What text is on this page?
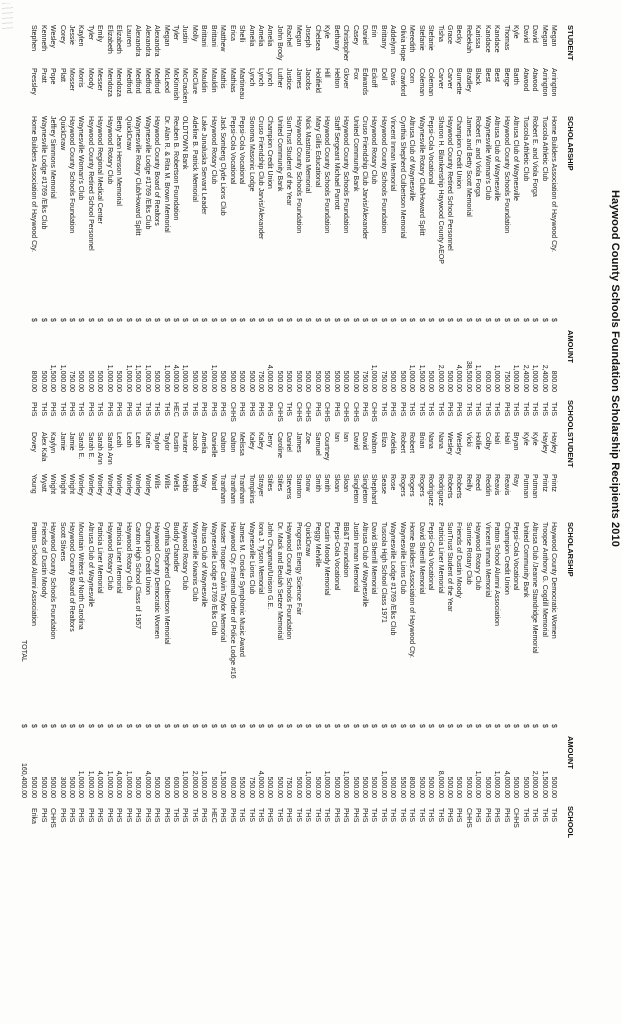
Haywood County Schools Foundation Scholarship Recipients 2010
STUDENT
SCHOLARSHIP
AMOUNT
SCHOOL
STUDENT
SCHOLARSHIP
AMOUNT
SCHOOL
Megan
Arrington
Home Builders Association of Haywood Cty.
$
800.00
THS
Hayley
Printz
Haywood County Democratic Women
$
500.00
THS
Megan
Arrington
Tuscola Athletic Club
$
2,400.00
THS
Hayley
Printz
Trooper Anthony G. Cogdill Memorial
$
1,500.00
THS
David
Atwood
Robert E. and Viola Forga
$
1,000.00
THS
Kyle
Putman
Altrusa Club /Jeanne Standridge Memorial
$
2,000.00
THS
David
Atwood
Tuscola Athletic Club
$
2,400.00
THS
Kyle
Putman
United Community Bank
$
500.00
THS
Kyle
Barth
Altrusa Club of Waynesville
$
1,000.00
THS
Bryan
Ray
Pepsi-Cola Vocational
$
500.00
CHHS
Thomas
Berge
Haywood County Schools Foundation
$
750.00
PHS
Hali
Reavis
Champion Credit Union
$
4,000.00
PHS
Kandace
Best
Altrusa Club of Waynesville
$
1,000.00
THS
Hali
Reavis
Patton School Alumni Association
$
1,000.00
PHS
Kandace
Best
Waynesville Woman's Club
$
600.00
THS
Colby
Reddin
Vincent Inman Memorial
$
500.00
PHS
Karissa
Black
Robert E. and Viola Forga
$
1,000.00
THS
Hollie
Reed
Haywood Rotary Club
$
1,000.00
PHS
Rebekah
Bradley
James and Betty Scott Memorial
$
38,500.00
THS
Vicki
Reilly
Sunrise Rotary Club
$
500.00
CHHS
Becky
Burnette
Champion Credit Union
$
4,000.00
PHS
Wesley
Roberts
Friends of Dustin Moody
$
500.00
PHS
Grace
Carver
Haywood County Retired School Personnel
$
500.00
PHS
Wesley
Roberts
SunTrust Student of the Year
$
500.00
PHS
Tisha
Carver
Sharon H. Blankenship Haywood County AEOP
$
2,000.00
THS
Nana
Rodriguez
Patricia Liner Memorial
$
8,000.00
THS
Stefanie
Coleman
Pepsi-Cola Vocational
$
500.00
THS
Nana
Rodriguez
Pepsi-Cola Vocational
$
500.00
THS
Stefanie
Coleman
Waynesville Rotary Club/Howard Splitt
$
1,500.00
THS
Brian
Rogers
David Sherrill Memorial
$
500.00
THS
Meredith
Corn
Altrusa Club of Waynesville
$
1,000.00
THS
Robert
Rogers
Home Builders Association of Haywood Cty.
$
800.00
THS
Olivia Hope
Crawford
Cynthia Shepherd Culbertson Memorial
$
500.00
PHS
Robert
Rogers
Waynesville Lions Club
$
550.00
THS
Addelynn
Davis
Vincent Inman Memorial
$
500.00
PHS
Ardelia
Rose
Waynesville Lodge #1769 /Elks Club
$
500.00
THS
Brittany
Doll
Haywood County Schools Foundation
$
750.00
THS
Eliza
Sease
Tuscola High School Class 1971
$
1,000.00
THS
Erin
Eckoff
Haywood Rotary Club
$
1,000.00
CHHS
Walton
Shephard
David Sherrill Memorial
$
500.00
THS
Daniel
Edwards
Cruso Friendship Club Jarvis/Alexander
$
750.00
PHS
David
Singleton
Altrusa Club of Waynesville
$
500.00
PHS
Casey
Fox
United Community Bank
$
500.00
CHHS
David
Singleton
Justin Inman Memorial
$
500.00
PHS
Christopher
Glover
Haywood County Schools Foundation
$
500.00
CHHS
Ian
Sloan
BB&T Foundation
$
1,000.00
PHS
Bethany
Helton
Staff Sergeant Michael Parrott
$
500.00
PHS
Ian
Sloan
Pepsi-Cola Vocational
$
500.00
PHS
Kyle
Hill
Haywood County Schools Foundation
$
500.00
CHHS
Courtney
Smith
Dustin Moody Memorial
$
1,000.00
THS
Chelsea
Holifield
Mary Gillis Educational
$
500.00
PHS
Samuel
Smith
Peggy Melville
$
500.00
THS
Joseph
Jacobs
Nick Mastriana Memorial
$
500.00
CHHS
Zoe
Snow
QuickDraw
$
1,000.00
THS
Megan
James
Haywood County Schools Foundation
$
500.00
CHHS
James
Stanton
Progress Energy Science Fair
$
500.00
THS
Rachel
Justice
SunTrust Student of the Year
$
500.00
THS
Daniel
Stevens
Haywood County Schools Foundation
$
750.00
PHS
John Brody
Luther
United Community Bank
$
500.00
CHHS
Caroline
Stiles
Dr. Mack and Beulah Setzer Memorial
$
500.00
THS
Amelia
Lynch
Champion Credit Union
$
4,000.00
PHS
Jerry
Stiles
John Chapman/Unison G.E.
$
500.00
PHS
Amelia
Lynch
Cruso Friendship Club Jarvis/Alexander
$
750.00
PHS
Kaley
Strayer
Iona J. Tyson Memorial
$
4,000.00
THS
Amelia
Lynch
Sonoma Masonic Lodge
$
500.00
PHS
Kaley
Tompkins
Waynesville Lions Club
$
750.00
THS
Shelli
Martineau
Pepsi-Cola Vocational
$
500.00
PHS
Melissa
Trantham
James M. Crocker Symphonic Music Award
$
550.00
THS
Erica
Mathias
Pepsi-Cola Vocational
$
500.00
CHHS
Dalton
Trantham
Haywood Cty. Fraternal Order of Police Lodge #16
$
600.00
PHS
Matthew
Mathis
Jack Somberg Clyde Lions Club
$
500.00
PHS
Dalton
Trantham
Master Trooper Calvin Taylor Memorial
$
1,500.00
PHS
Brittani
Mauldin
Haywood Rotary Club
$
1,000.00
PHS
Danielle
Ward
Waynesville Lodge #1769 /Elks Club
$
500.00
HEC
Brittani
Mauldin
Lake Junaluska Servant Leader
$
500.00
PHS
Amelia
Way
Altrusa Club of Waynesville
$
1,000.00
PHS
Molly
McClure
Adeline B. Patrick Memorial
$
500.00
THS
Jacob
Webb
Waynesville Kiwanis Club
$
2,000.00
THS
Justin
McCracken
OLDTOWN Bank
$
1,000.00
THS
Hunter
Webb
Haywood Rotary Club
$
1,000.00
PHS
Tyler
McKinnish
Reuben B. Robertson Foundation
$
4,000.00
HEC
Dustin
Wells
Buddy Chandler
$
600.00
THS
Megan
McLeod
Dr. Alan R. & Rita M. Brown Memorial
$
1,000.00
THS
Taylor
Wills
Cynthia Shepherd Culbertson Memorial
$
500.00
PHS
Alexandra
Medford
Haywood County Board of Realtors
$
500.00
THS
Taylor
Wills
Haywood County Democratic Women
$
500.00
PHS
Alexandra
Medford
Waynesville Lodge #1769 /Elks Club
$
1,000.00
THS
Karie
Worley
Champion Credit Union
$
4,000.00
PHS
Alexandra
Medford
Waynesville Rotary Club/Howard Splitt
$
1,500.00
THS
Leah
Worley
Canton High School Class of 1957
$
500.00
PHS
Lauren
Medford
QuickDraw
$
1,000.00
PHS
Leah
Worley
Haywood Rotary Club
$
1,000.00
PHS
Elizabeth
Mendoza
Betty Jean Henson Memorial
$
500.00
PHS
Leah
Worley
Patricia Liner Memorial
$
4,000.00
PHS
Elizabeth
Mendoza
Haywood Rotary Club
$
1,000.00
PHS
Sarah Ann
Worley
Haywood Rotary Club
$
1,000.00
PHS
Emily
Messer
Haywood Regional Medical Center
$
500.00
THS
Sarah Ann
Worley
Patricia Liner Memorial
$
4,000.00
PHS
Tyler
Moody
Haywood County Retired School Personnel
$
500.00
PHS
Sarah E.
Worley
Altrusa Club of Waynesville
$
1,000.00
PHS
Kaylen
Morris
Waynesville Woman's Club
$
500.00
THS
Sarah E.
Worley
Mountain Writers of North Carolina
$
1,000.00
PHS
Jessie
Mosser
Haywood County Schools Foundation
$
750.00
PHS
Jamie
Wright
Haywood County Board of Realtors
$
500.00
PHS
Corey
Platt
QuickDraw
$
1,000.00
THS
Jamie
Wright
Scott Stivers
$
300.00
PHS
Wesley
Pope
Jeffrey Simmons Memorial
$
1,500.00
PHS
Kaylyn
Wright
Haywood County Schools Foundation
$
500.00
CHHS
Kenneth
Pratt
Waynesville Lodge #1769 /Elks Club
$
500.00
THS
Alex Kala
Wyatt
Friends of Dustin Moody
$
500.00
PHS
Stephen
Pressley
Home Builders Association of Haywood Cty.
$
800.00
PHS
Dovey
Young
Patton School Alumni Association
$
500.00
Erika
TOTAL
$
160,400.00
